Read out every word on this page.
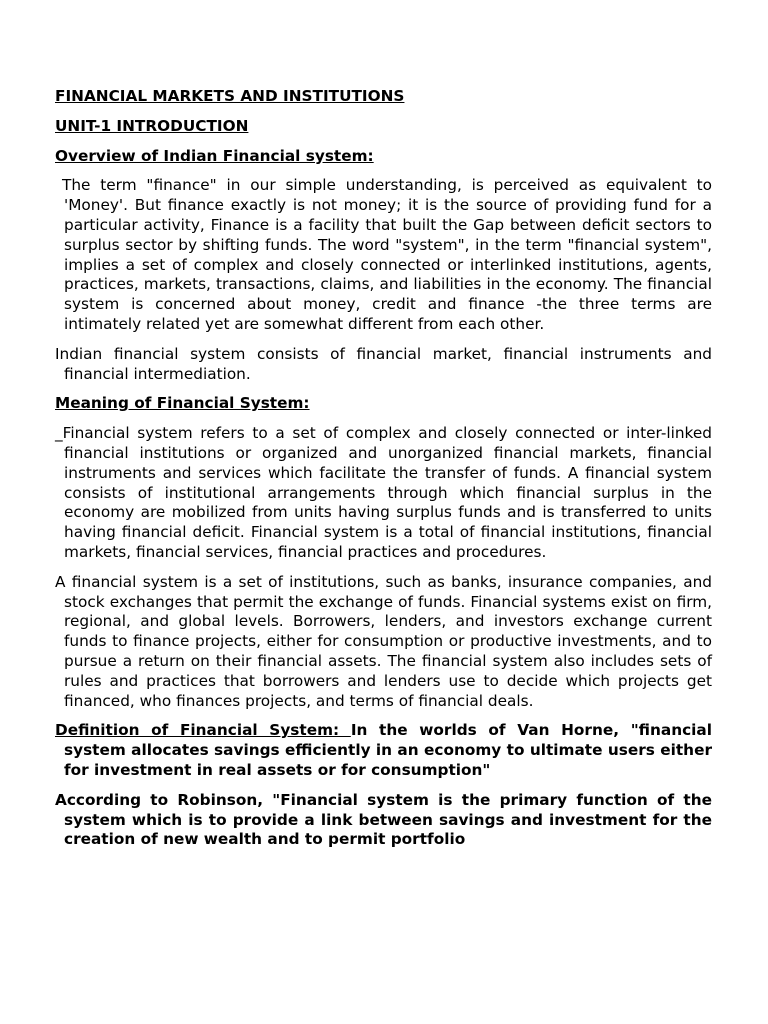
FINANCIAL MARKETS AND INSTITUTIONS

UNIT-1 INTRODUCTION

Overview of Indian Financial system:

The term "finance" in our simple understanding, is perceived as equivalent to 'Money'. But finance exactly is not money; it is the source of providing fund for a particular activity, Finance is a facility that built the Gap between deficit sectors to surplus sector by shifting funds. The word "system", in the term "financial system", implies a set of complex and closely connected or interlinked institutions, agents, practices, markets, transactions, claims, and liabilities in the economy. The financial system is concerned about money, credit and finance -the three terms are intimately related yet are somewhat different from each other.

Indian financial system consists of financial market, financial instruments and financial intermediation.

Meaning of Financial System:

_Financial system refers to a set of complex and closely connected or inter-linked financial institutions or organized and unorganized financial markets, financial instruments and services which facilitate the transfer of funds. A financial system consists of institutional arrangements through which financial surplus in the economy are mobilized from units having surplus funds and is transferred to units having financial deficit. Financial system is a total of financial institutions, financial markets, financial services, financial practices and procedures.

A financial system is a set of institutions, such as banks, insurance companies, and stock exchanges that permit the exchange of funds. Financial systems exist on firm, regional, and global levels. Borrowers, lenders, and investors exchange current funds to finance projects, either for consumption or productive investments, and to pursue a return on their financial assets. The financial system also includes sets of rules and practices that borrowers and lenders use to decide which projects get financed, who finances projects, and terms of financial deals.

Definition of Financial System: In the worlds of Van Horne, "financial system allocates savings efficiently in an economy to ultimate users either for investment in real assets or for consumption"

According to Robinson, "Financial system is the primary function of the system which is to provide a link between savings and investment for the creation of new wealth and to permit portfolio
